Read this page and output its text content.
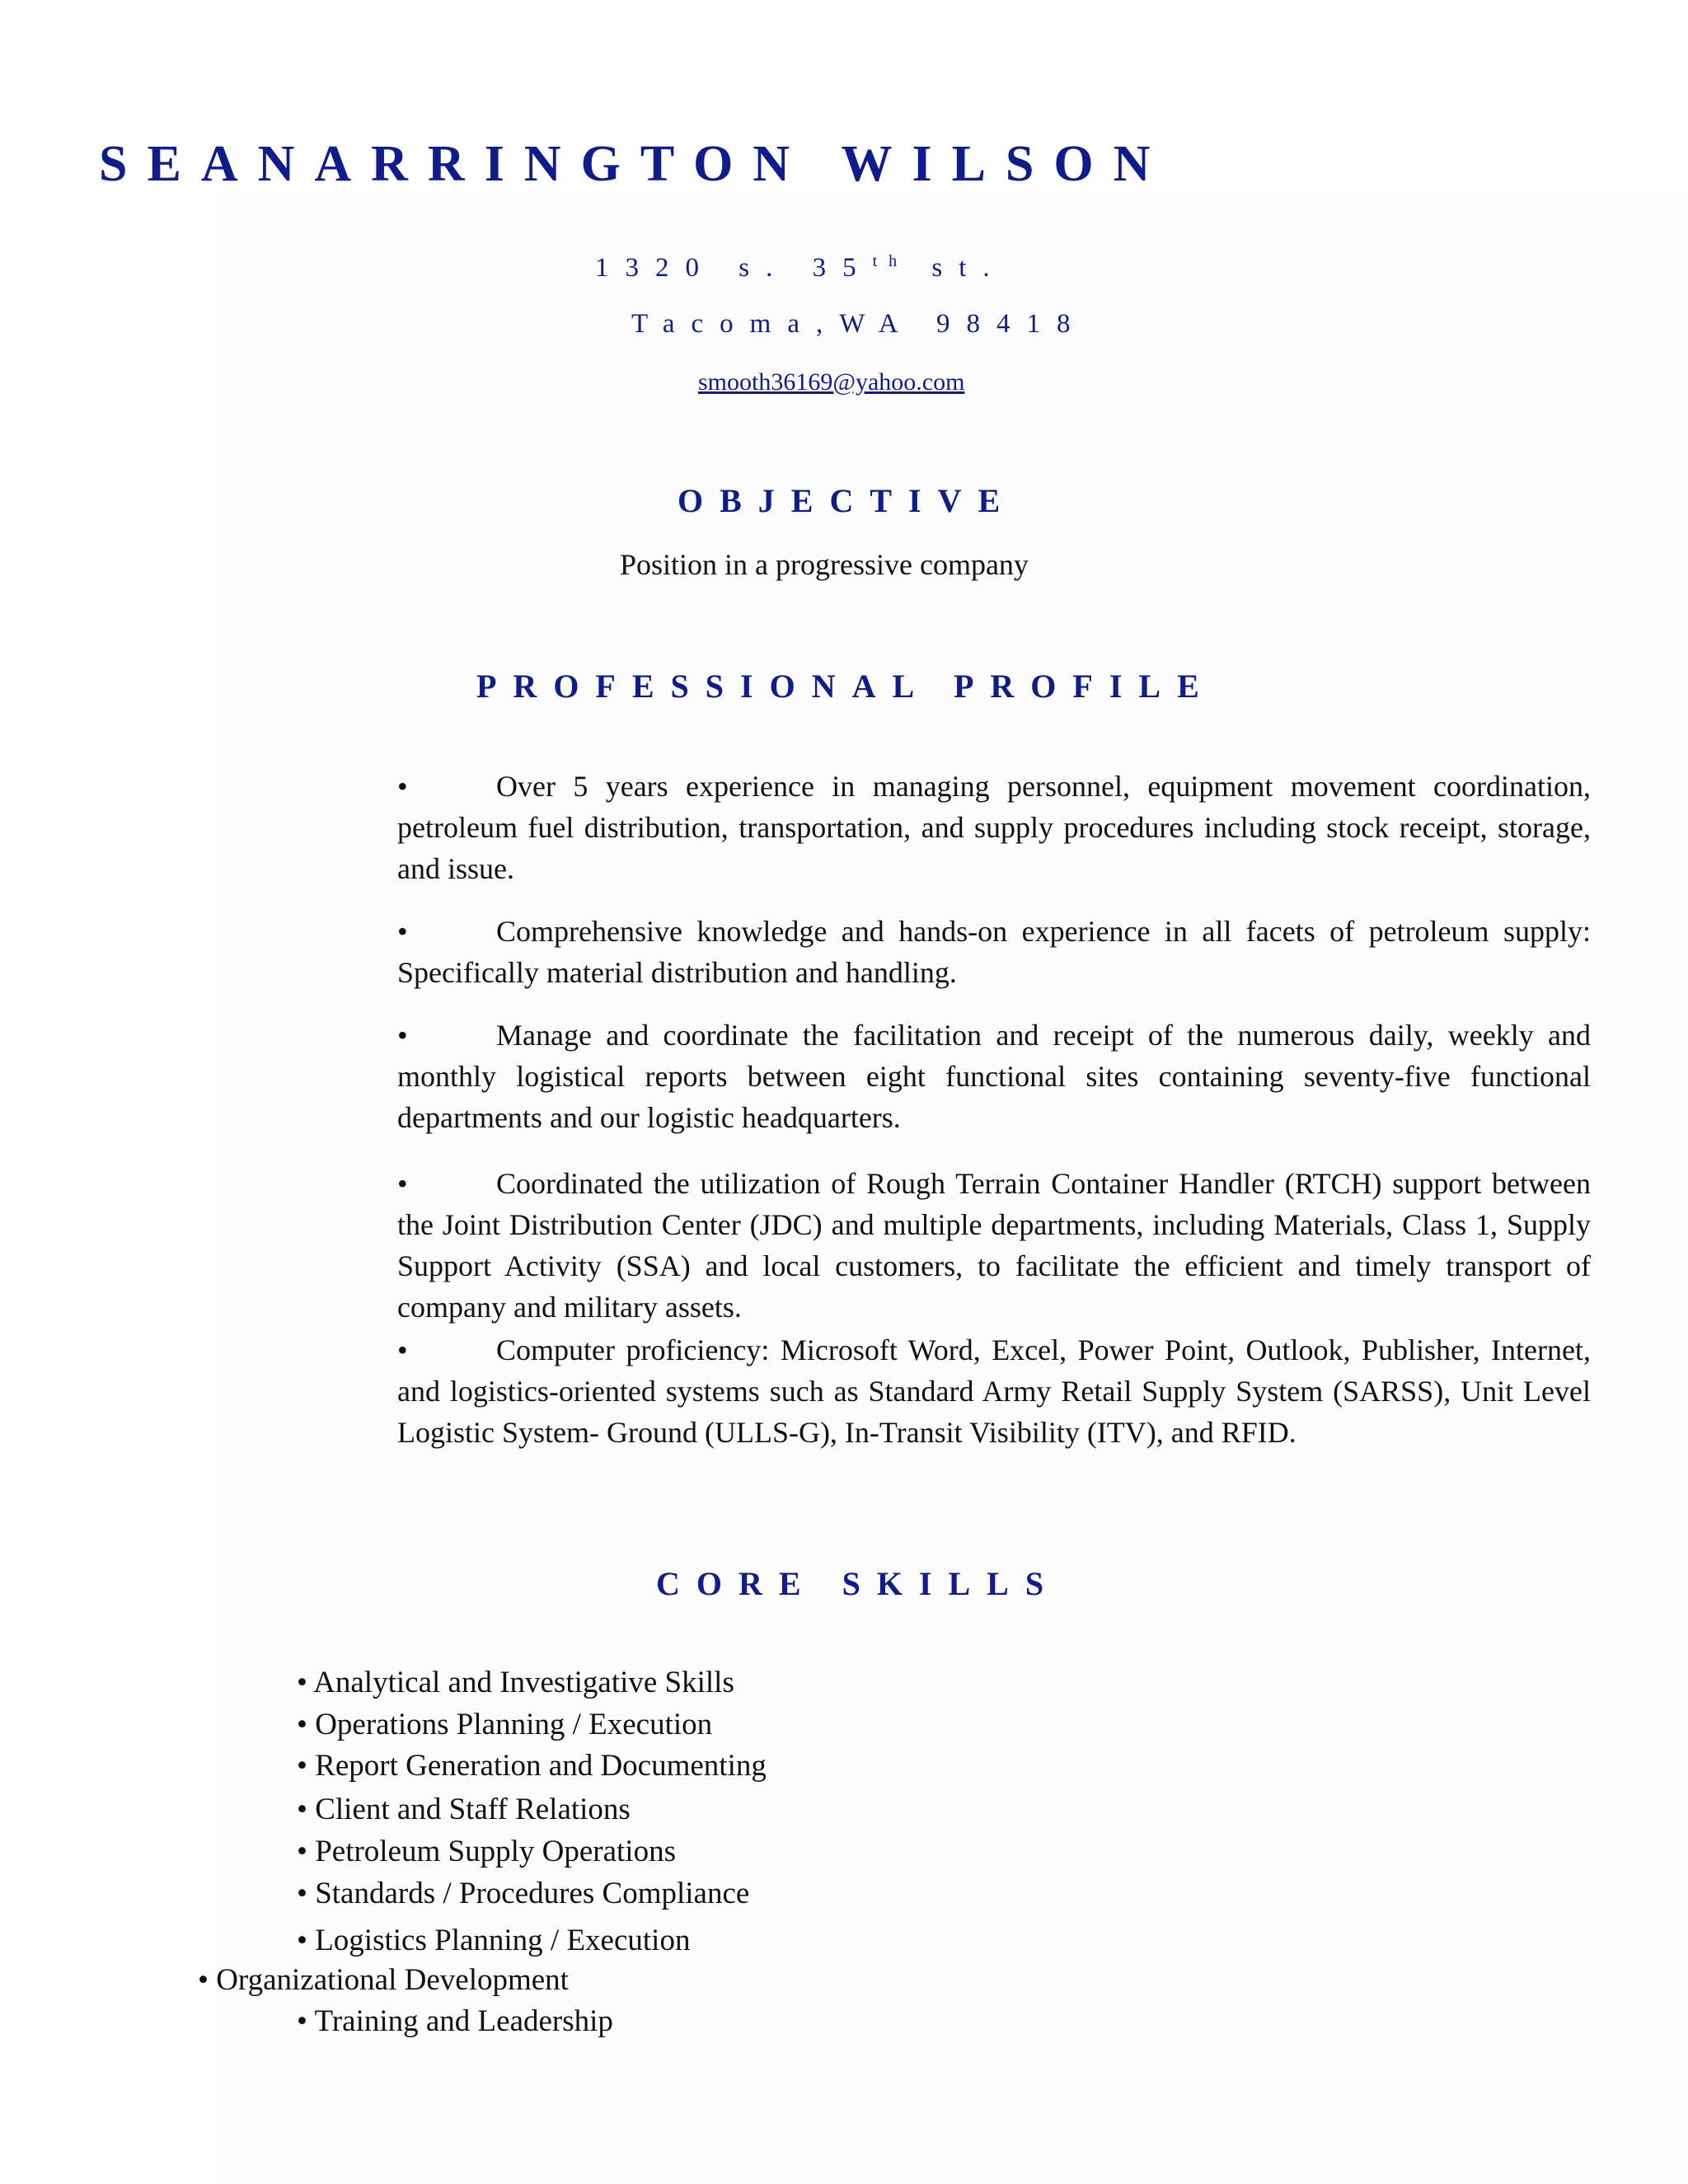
SEANARRINGTON WILSON
1320 s. 35th st.
Tacoma,WA 98418
smooth36169@yahoo.com
OBJECTIVE
Position in a progressive company
PROFESSIONAL PROFILE
•	Over 5 years experience in managing personnel, equipment movement coordination, petroleum fuel distribution, transportation, and supply procedures including stock receipt, storage, and issue.
•	Comprehensive knowledge and hands-on experience in all facets of petroleum supply: Specifically material distribution and handling.
•	Manage and coordinate the facilitation and receipt of the numerous daily, weekly and monthly logistical reports between eight functional sites containing seventy-five functional departments and our logistic headquarters.
•	Coordinated the utilization of Rough Terrain Container Handler (RTCH) support between the Joint Distribution Center (JDC) and multiple departments, including Materials, Class 1, Supply Support Activity (SSA) and local customers, to facilitate the efficient and timely transport of company and military assets.
•	Computer proficiency: Microsoft Word, Excel, Power Point, Outlook, Publisher, Internet, and logistics-oriented systems such as Standard Army Retail Supply System (SARSS), Unit Level Logistic System- Ground (ULLS-G), In-Transit Visibility (ITV), and RFID.
CORE SKILLS
• Analytical and Investigative Skills
• Operations Planning / Execution
• Report Generation and Documenting
• Client and Staff Relations
• Petroleum Supply Operations
• Standards / Procedures Compliance
• Logistics Planning / Execution
• Organizational Development
• Training and Leadership
